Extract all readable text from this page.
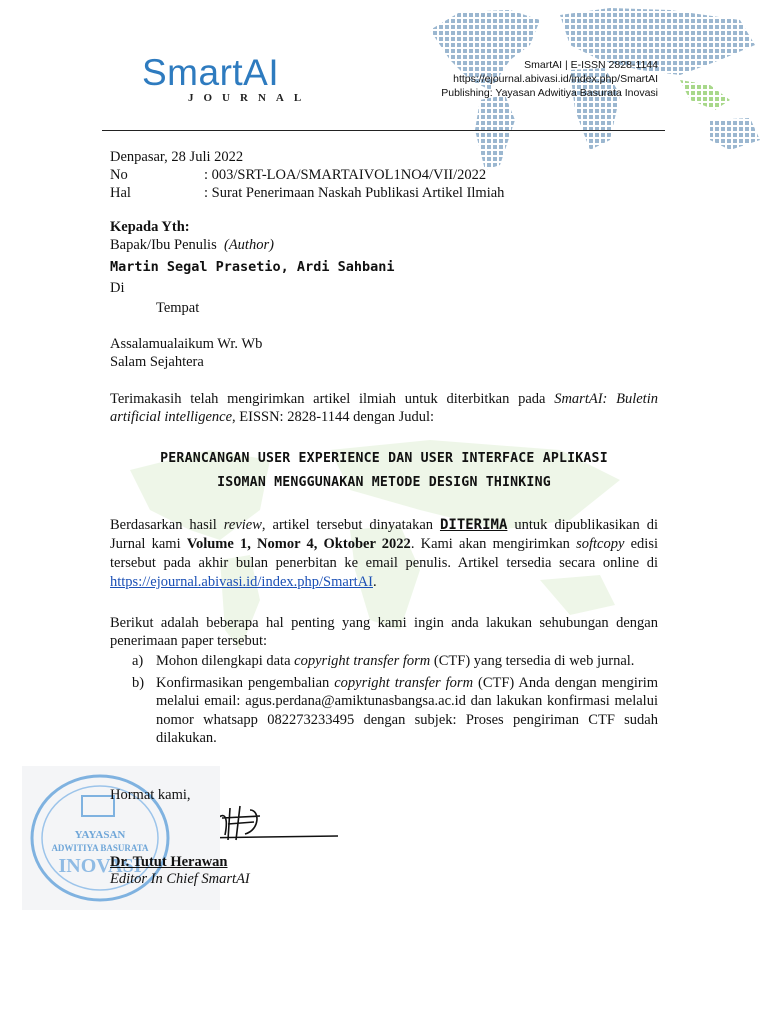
SmartAI
JOURNAL
SmartAI | E-ISSN 2828-1144
https://ejournal.abivasi.id/index.php/SmartAI
Publishing: Yayasan Adwitiya Basurata Inovasi
Denpasar, 28 Juli 2022
No	: 003/SRT-LOA/SMARTAIVOL1NO4/VII/2022
Hal	: Surat Penerimaan Naskah Publikasi Artikel Ilmiah
Kepada Yth:
Bapak/Ibu Penulis (Author)
Martin Segal Prasetio, Ardi Sahbani
Di
Tempat
Assalamualaikum Wr. Wb
Salam Sejahtera
Terimakasih telah mengirimkan artikel ilmiah untuk diterbitkan pada SmartAI: Buletin artificial intelligence, EISSN: 2828-1144 dengan Judul:
PERANCANGAN USER EXPERIENCE DAN USER INTERFACE APLIKASI
ISOMAN MENGGUNAKAN METODE DESIGN THINKING
Berdasarkan hasil review, artikel tersebut dinyatakan DITERIMA untuk dipublikasikan di Jurnal kami Volume 1, Nomor 4, Oktober 2022. Kami akan mengirimkan softcopy edisi tersebut pada akhir bulan penerbitan ke email penulis. Artikel tersedia secara online di https://ejournal.abivasi.id/index.php/SmartAI.
Berikut adalah beberapa hal penting yang kami ingin anda lakukan sehubungan dengan penerimaan paper tersebut:
a) Mohon dilengkapi data copyright transfer form (CTF) yang tersedia di web jurnal.
b) Konfirmasikan pengembalian copyright transfer form (CTF) Anda dengan mengirim melalui email: agus.perdana@amiktunasbangsa.ac.id dan lakukan konfirmasi melalui nomor whatsapp 082273233495 dengan subjek: Proses pengiriman CTF sudah dilakukan.
YAYASAN
ADWITIYA BASURATA
INOVASI
Hormat kami,
Dr. Tutut Herawan
Editor In Chief SmartAI
